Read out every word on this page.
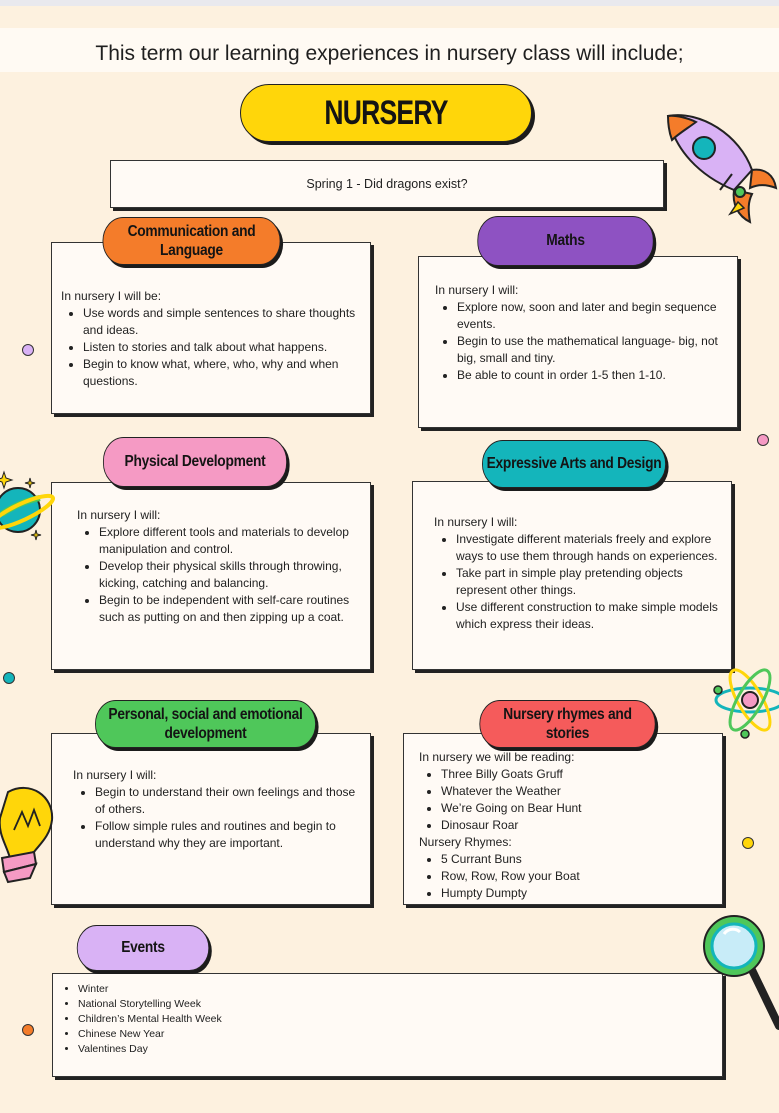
This term our learning experiences in nursery class will include;
NURSERY
Spring 1 - Did dragons exist?

In nursery I will be:

• Use words and simple sentences to share thoughts and ideas.
• Listen to stories and talk about what happens.
• Begin to know what, where, who, why and when questions.
Communication and Language

In nursery I will:

• Explore now, soon and later and begin sequence events.
• Begin to use the mathematical language- big, not big, small and tiny.
• Be able to count in order 1-5 then 1-10.
Maths

In nursery I will:

• Explore different tools and materials to develop manipulation and control.
• Develop their physical skills through throwing, kicking, catching and balancing.
• Begin to be independent with self-care routines such as putting on and then zipping up a coat.
Physical Development

In nursery I will:

• Investigate different materials freely and explore ways to use them through hands on experiences.
• Take part in simple play pretending objects represent other things.
• Use different construction to make simple models which express their ideas.
Expressive Arts and Design

In nursery I will:

• Begin to understand their own feelings and those of others.
• Follow simple rules and routines and begin to understand why they are important.
Personal, social and emotional
development

In nursery we will be reading:

• Three Billy Goats Gruff
• Whatever the Weather
• We’re Going on Bear Hunt
• Dinosaur Roar

Nursery Rhymes:

• 5 Currant Buns
• Row, Row, Row your Boat
• Humpty Dumpty
Nursery rhymes and stories
• Winter
• National Storytelling Week
• Children’s Mental Health Week
• Chinese New Year
• Valentines Day
Events
